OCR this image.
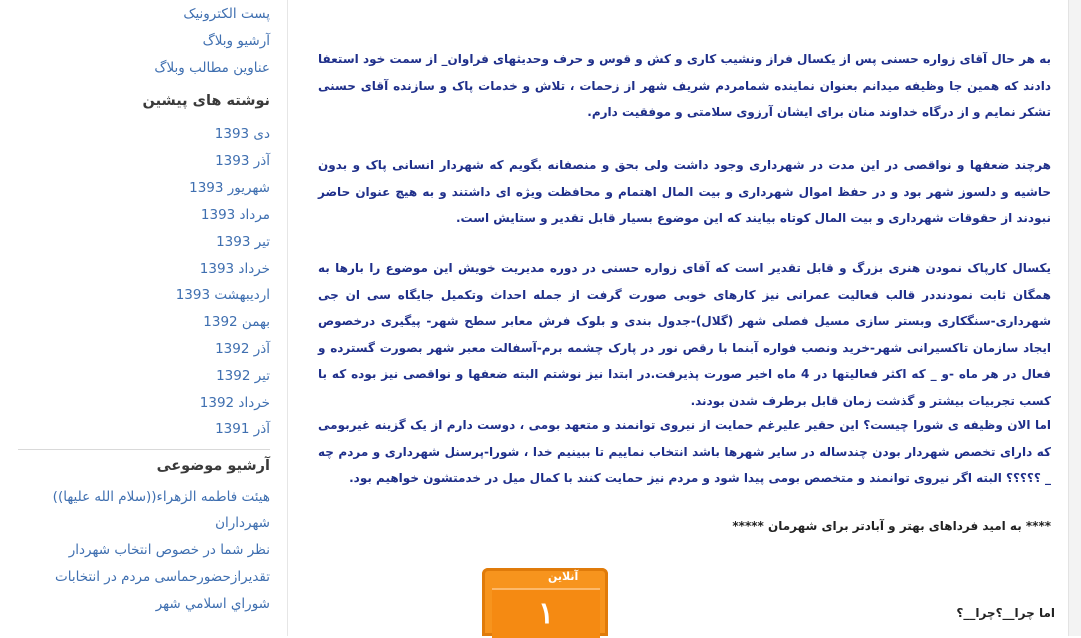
پست الکترونیک
آرشیو وبلاگ
عناوین مطالب وبلاگ
نوشته های پیشین
دی 1393
آذر 1393
شهریور 1393
مرداد 1393
تیر 1393
خرداد 1393
اردیبهشت 1393
بهمن 1392
آذر 1392
تیر 1392
خرداد 1392
آذر 1391
آرشیو موضوعی
هیئت فاطمه الزهراء((سلام الله علیها))
شهرداران
نظر شما در خصوص انتخاب شهردار
تقدیرازحضورحماسی مردم در انتخابات
شوراي اسلامي شهر

به هر حال آقای زواره حسنی پس از یکسال فراز ونشیب کاری و کش و قوس و حرف وحدیثهای فراوان_ از سمت خود استعفا دادند که همین جا وظیفه میدانم بعنوان نماینده شمامردم شریف شهر از زحمات ، تلاش و خدمات پاک و سازنده آقای حسنی تشکر نمایم و از درگاه خداوند منان برای ایشان آرزوی سلامتی و موفقیت دارم.

هرچند ضعفها و نواقصی در این مدت در شهرداری وجود داشت ولی بحق و منصفانه بگویم که شهردار انسانی پاک و بدون حاشیه و دلسوز شهر بود و در حفظ اموال شهرداری و بیت المال اهتمام و محافظت ویژه ای داشتند و به هیچ عنوان حاضر نبودند از حقوقات شهرداری و بیت المال کوتاه بیایند که این موضوع بسیار قابل تقدیر و ستایش است.

یکسال کارپاک نمودن هنری بزرگ و قابل تقدیر است که آقای زواره حسنی در دوره مدیریت خویش این موضوع را بارها به همگان ثابت نمودنددر قالب فعالیت عمرانی نیز کارهای خوبی صورت گرفت از جمله احداث وتکمیل جایگاه سی ان جی شهرداری-سنگکاری وبستر سازی مسیل فصلی شهر (گلال)-جدول بندی و بلوک فرش معابر سطح شهر- پیگیری درخصوص ایجاد سازمان تاکسیرانی شهر-خرید ونصب فواره آبنما با رقص نور در پارک چشمه برم-آسفالت معبر شهر بصورت گسترده و فعال در هر ماه -و _ که اکثر فعالیتها در 4 ماه اخیر صورت پذیرفت.در ابتدا نیز نوشتم البته ضعفها و نواقصی نیز بوده که با کسب تجربیات بیشتر و گذشت زمان قابل برطرف شدن بودند.

اما الان وظیفه ی شورا چیست؟ این حقیر علیرغم حمایت از نیروی توانمند و متعهد بومی ، دوست دارم از یک گزینه غیربومی که دارای تخصص شهردار بودن چندساله در سایر شهرها باشد انتخاب نماییم تا ببینیم خدا ، شورا-پرسنل شهرداری و مردم چه _ ؟؟؟؟؟ البته اگر نیروی توانمند و متخصص بومی پیدا شود و مردم نیز حمایت کنند با کمال میل در خدمتشون خواهیم بود.

**** به امید فرداهای بهتر و آبادتر برای شهرمان *****

آنلاین
۱	اما چرا__؟چرا__؟
